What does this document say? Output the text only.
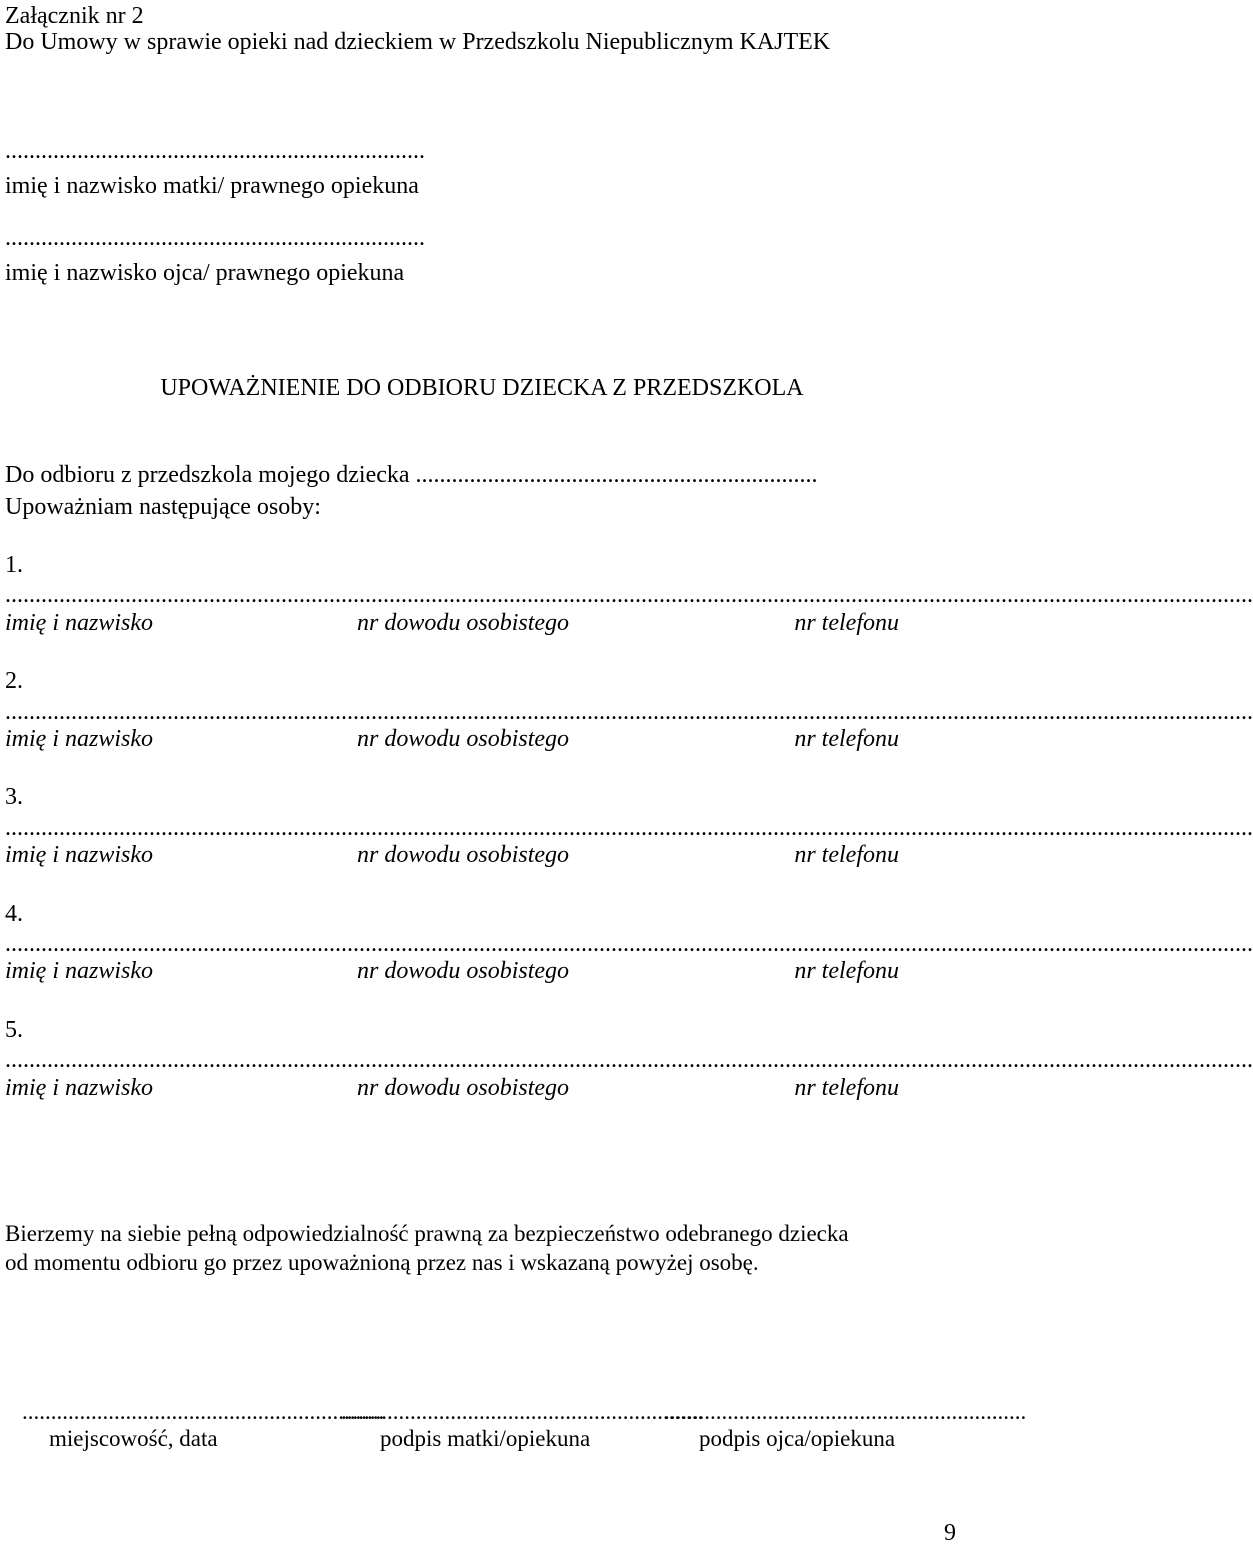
Załącznik nr 2
Do Umowy w sprawie opieki nad dzieckiem w Przedszkolu Niepublicznym KAJTEK
......................................................................
imię i nazwisko matki/ prawnego opiekuna
......................................................................
imię i nazwisko ojca/ prawnego opiekuna
UPOWAŻNIENIE DO ODBIORU DZIECKA Z PRZEDSZKOLA
Do odbioru z przedszkola mojego dziecka ...................................................................
Upoważniam następujące osoby:
1.
................................................................................................................................................................................................................
imię i nazwisko	nr dowodu osobistego	nr telefonu
2.
................................................................................................................................................................................................................
imię i nazwisko	nr dowodu osobistego	nr telefonu
3.
................................................................................................................................................................................................................
imię i nazwisko	nr dowodu osobistego	nr telefonu
4.
................................................................................................................................................................................................................
imię i nazwisko	nr dowodu osobistego	nr telefonu
5.
................................................................................................................................................................................................................
imię i nazwisko	nr dowodu osobistego	nr telefonu
Bierzemy na siebie pełną odpowiedzialność prawną za bezpieczeństwo odebranego dziecka
od momentu odbioru go przez upoważnioną przez nas i wskazaną powyżej osobę.
...............................................................
miejscowość, data
...............................................................
podpis matki/opiekuna
...............................................................
podpis ojca/opiekuna
9
